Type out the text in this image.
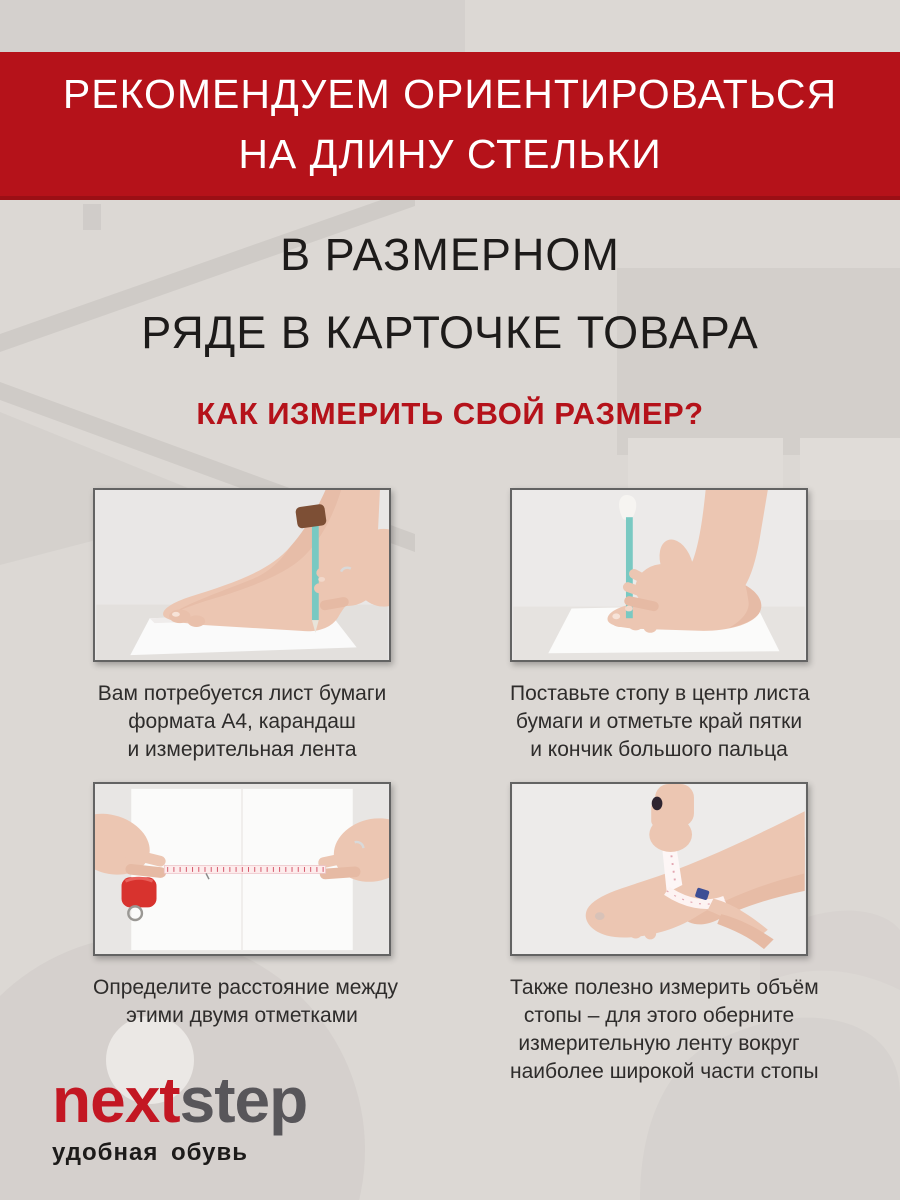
РЕКОМЕНДУЕМ ОРИЕНТИРОВАТЬСЯ
НА ДЛИНУ СТЕЛЬКИ
В РАЗМЕРНОМ
РЯДЕ В КАРТОЧКЕ ТОВАРА
КАК ИЗМЕРИТЬ СВОЙ РАЗМЕР?
Вам потребуется лист бумаги
формата А4, карандаш
и измерительная лента
Поставьте стопу в центр листа
бумаги и отметьте край пятки
и кончик большого пальца
Определите расстояние между
этими двумя отметками
Также полезно измерить объём
стопы – для этого оберните
измерительную ленту вокруг
наиболее широкой части стопы
nextstep
удобная обувь
